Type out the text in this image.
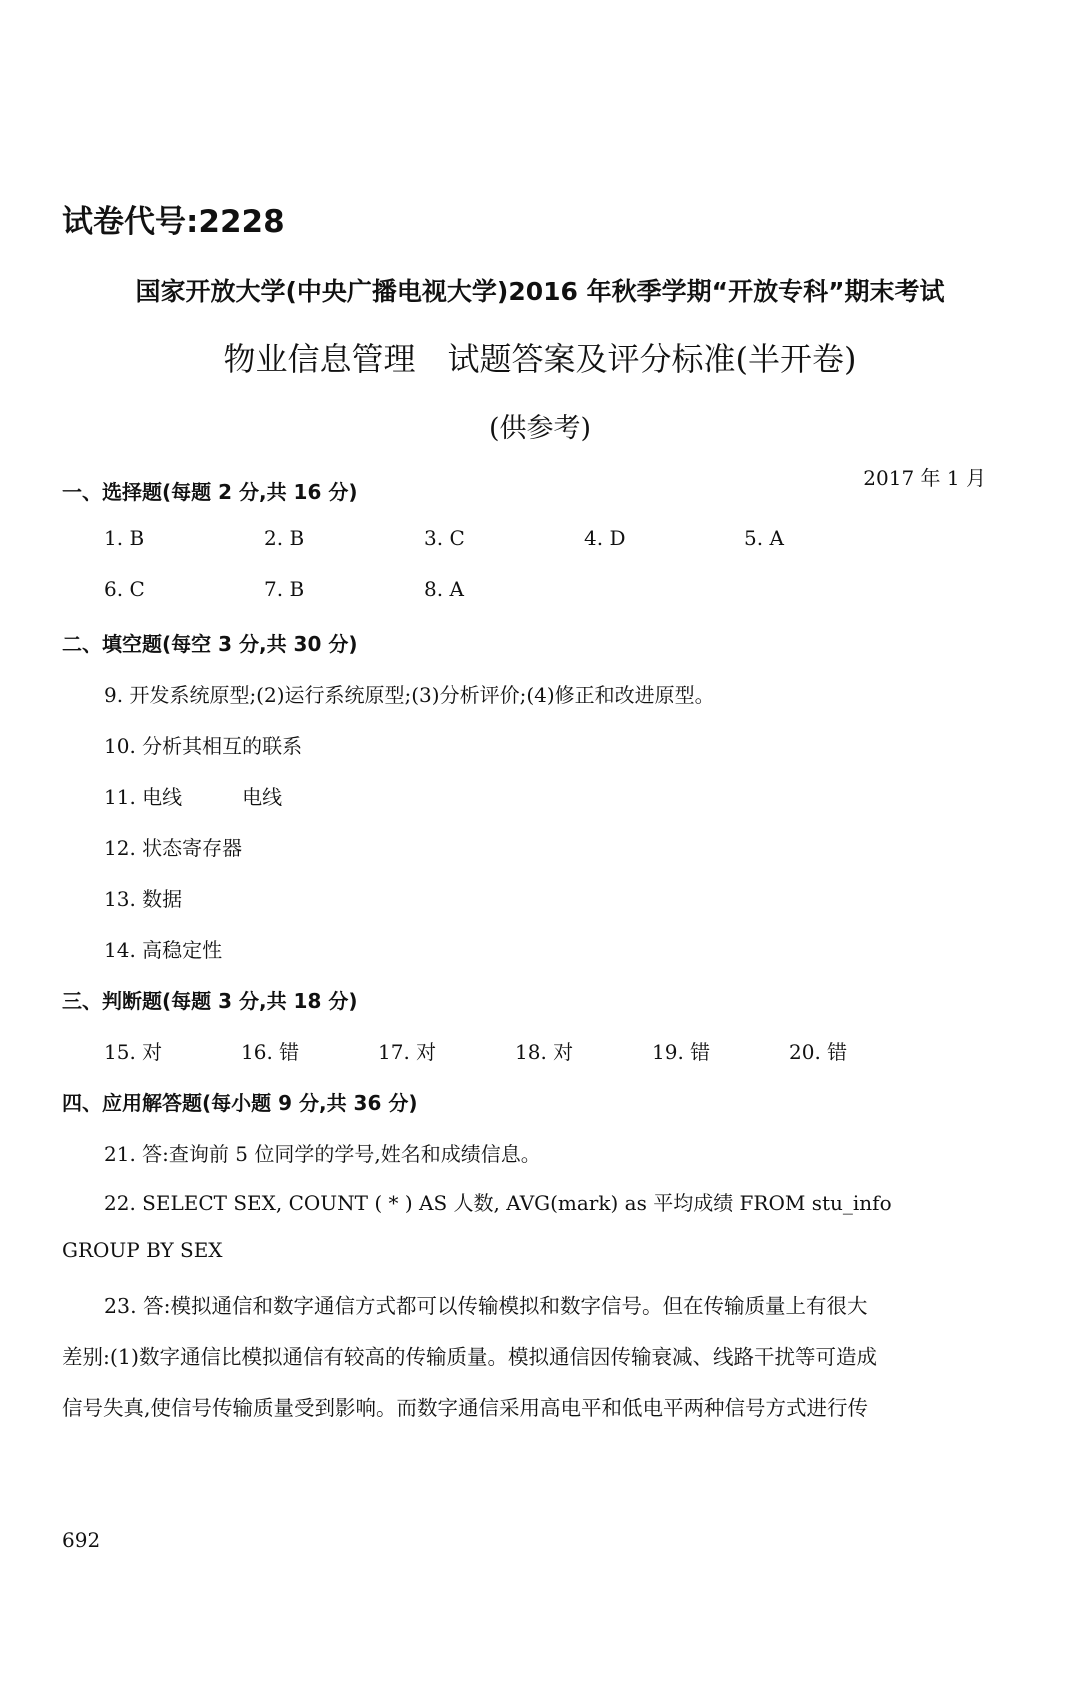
试卷代号:2228
国家开放大学(中央广播电视大学)2016 年秋季学期“开放专科”期末考试
物业信息管理　试题答案及评分标准(半开卷)
(供参考)
2017 年 1 月
一、选择题(每题 2 分,共 16 分)
1. B	2. B	3. C	4. D	5. A
6. C	7. B	8. A
二、填空题(每空 3 分,共 30 分)
9. 开发系统原型;(2)运行系统原型;(3)分析评价;(4)修正和改进原型。
10. 分析其相互的联系
11. 电线　　　电线
12. 状态寄存器
13. 数据
14. 高稳定性
三、判断题(每题 3 分,共 18 分)
15. 对	16. 错	17. 对	18. 对	19. 错	20. 错
四、应用解答题(每小题 9 分,共 36 分)
21. 答:查询前 5 位同学的学号,姓名和成绩信息。
22. SELECT SEX, COUNT ( * ) AS 人数, AVG(mark) as 平均成绩 FROM stu_info
GROUP BY SEX
23. 答:模拟通信和数字通信方式都可以传输模拟和数字信号。但在传输质量上有很大
差别:(1)数字通信比模拟通信有较高的传输质量。模拟通信因传输衰减、线路干扰等可造成
信号失真,使信号传输质量受到影响。而数字通信采用高电平和低电平两种信号方式进行传
692
